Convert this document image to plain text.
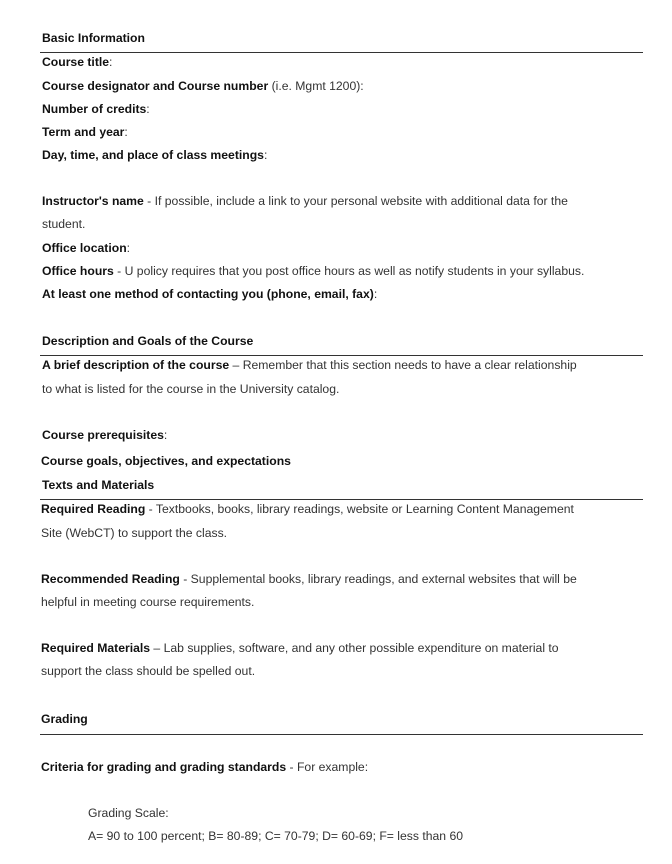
Basic Information
Course title:
Course designator and Course number (i.e. Mgmt 1200):
Number of credits:
Term and year:
Day, time, and place of class meetings:
Instructor's name - If possible, include a link to your personal website with additional data for the
student.
Office location:
Office hours - U policy requires that you post office hours as well as notify students in your syllabus.
At least one method of contacting you (phone, email, fax):
Description and Goals of the Course
A brief description of the course – Remember that this section needs to have a clear relationship
to what is listed for the course in the University catalog.
Course prerequisites:
Course goals, objectives, and expectations
Texts and Materials
Required Reading - Textbooks, books, library readings, website or Learning Content Management
Site (WebCT) to support the class.
Recommended Reading - Supplemental books, library readings, and external websites that will be
helpful in meeting course requirements.
Required Materials – Lab supplies, software, and any other possible expenditure on material to
support the class should be spelled out.
Grading
Criteria for grading and grading standards - For example:
Grading Scale:
A= 90 to 100 percent; B= 80-89; C= 70-79; D= 60-69; F= less than 60
